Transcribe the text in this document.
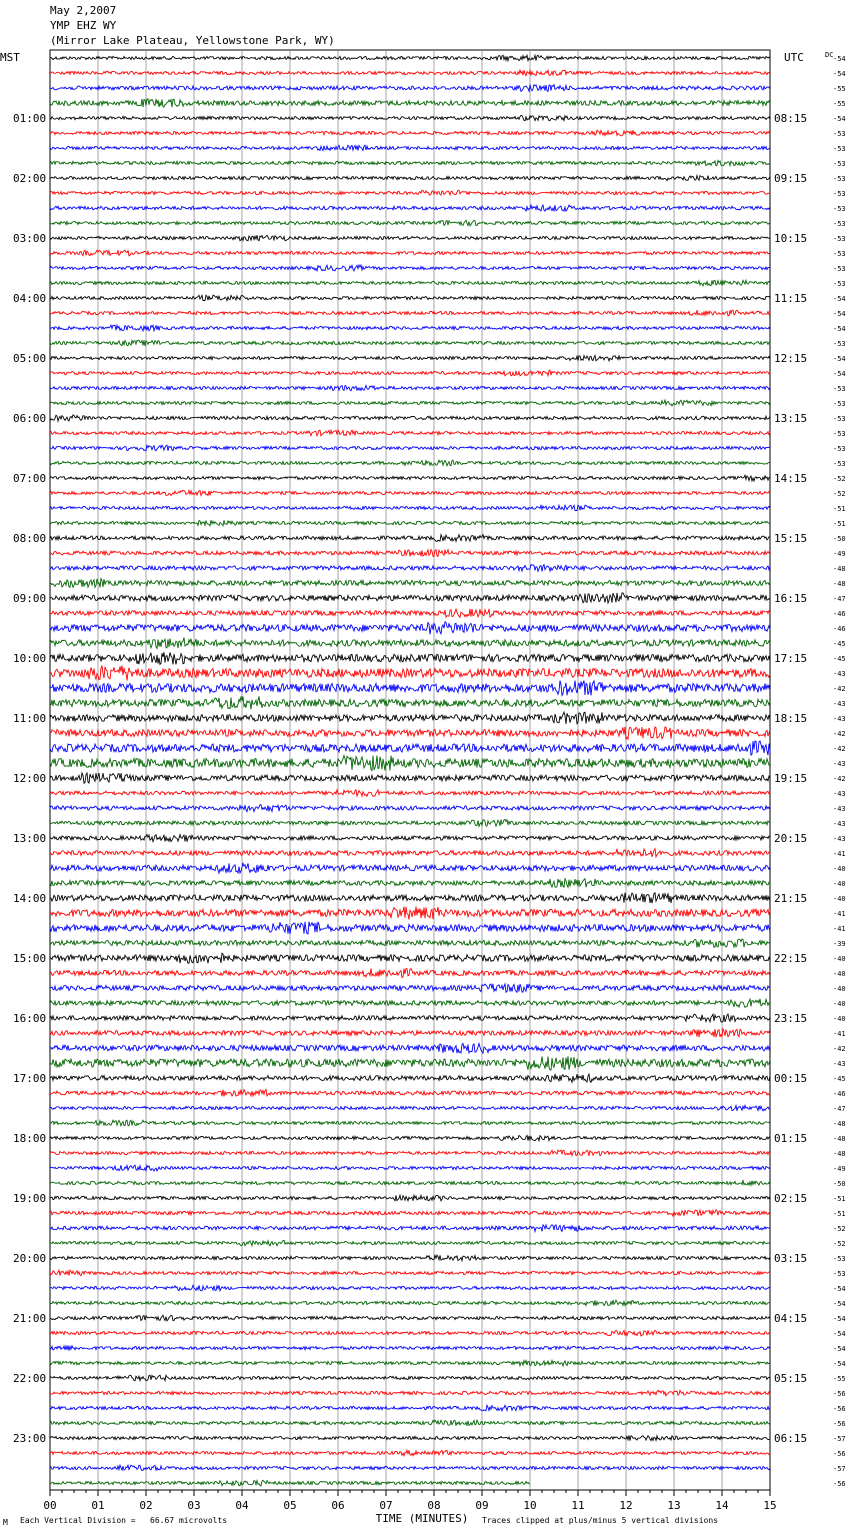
May 2,2007
YMP EHZ WY
(Mirror Lake Plateau, Yellowstone Park, WY)
00	01	02	03	04	05	06	07	08	09	10	11	12	13	14	15
TIME (MINUTES)
MST	UTC	DC
01:00
02:00
03:00
04:00
05:00
06:00
07:00
08:00
09:00
10:00
11:00
12:00
13:00
14:00
15:00
16:00
17:00
18:00
19:00
20:00
21:00
22:00
23:00
08:15
09:15
10:15
11:15
12:15
13:15
14:15
15:15
16:15
17:15
18:15
19:15
20:15
21:15
22:15
23:15
00:15
01:15
02:15
03:15
04:15
05:15
06:15
-54
-54
-55
-55
-54
-53
-53
-53
-53
-53
-53
-53
-53
-53
-53
-53
-54
-54
-54
-53
-54
-54
-53
-53
-53
-53
-53
-53
-52
-52
-51
-51
-50
-49
-48
-48
-47
-46
-46
-45
-45
-43
-42
-43
-43
-42
-42
-43
-42
-43
-43
-43
-43
-41
-40
-40
-40
-41
-41
-39
-40
-40
-40
-40
-40
-41
-42
-43
-45
-46
-47
-48
-48
-48
-49
-50
-51
-51
-52
-52
-53
-53
-54
-54
-54
-54
-54
-54
-55
-56
-56
-56
-57
-56
-57
-56
M Each Vertical Division =   66.67 microvolts	Traces clipped at plus/minus 5 vertical divisions
